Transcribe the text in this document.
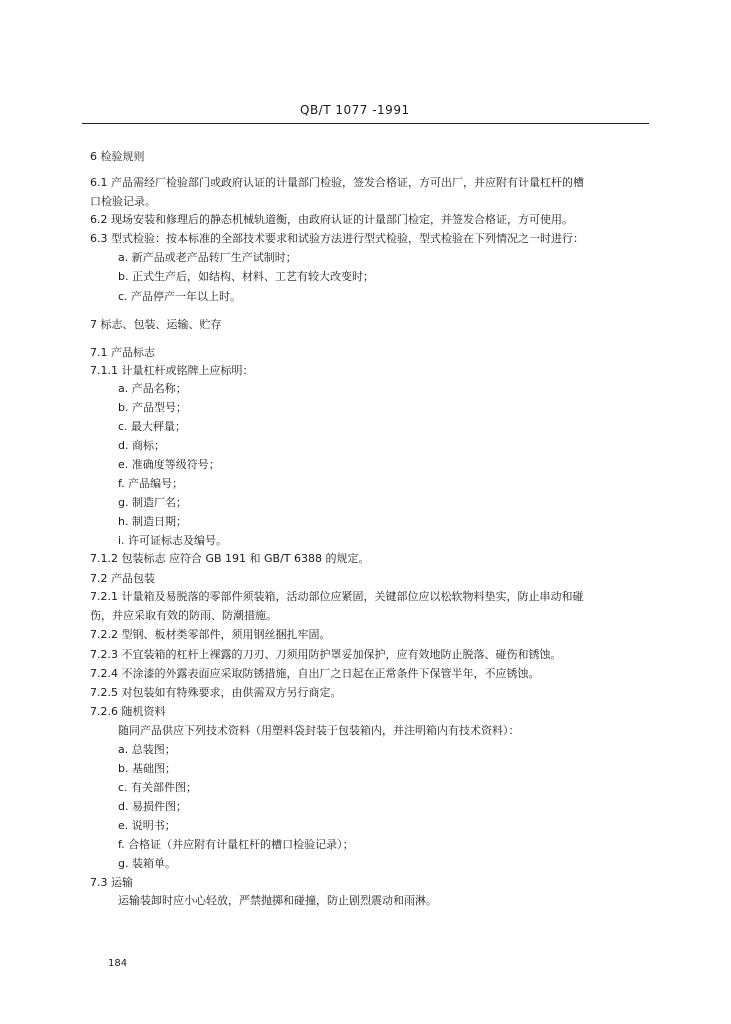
QB/T 1077 -1991
6 检验规则
6.1 产品需经厂检验部门或政府认证的计量部门检验，签发合格证，方可出厂，并应附有计量杠杆的槽
口检验记录。
6.2 现场安装和修理后的静态机械轨道衡，由政府认证的计量部门检定，并签发合格证，方可使用。
6.3 型式检验：按本标准的全部技术要求和试验方法进行型式检验，型式检验在下列情况之一时进行：
a. 新产品或老产品转厂生产试制时；
b. 正式生产后，如结构、材料、工艺有较大改变时；
c. 产品停产一年以上时。
7 标志、包装、运输、贮存
7.1 产品标志
7.1.1 计量杠杆或铭牌上应标明：
a. 产品名称；
b. 产品型号；
c. 最大秤量；
d. 商标；
e. 准确度等级符号；
f. 产品编号；
g. 制造厂名；
h. 制造日期；
i. 许可证标志及编号。
7.1.2 包装标志 应符合 GB 191 和 GB/T 6388 的规定。
7.2 产品包装
7.2.1 计量箱及易脱落的零部件须装箱，活动部位应紧固，关键部位应以松软物料垫实，防止串动和碰
伤，并应采取有效的防雨、防潮措施。
7.2.2 型钢、板材类零部件，须用钢丝捆扎牢固。
7.2.3 不宜装箱的杠杆上裸露的刀刃、刀须用防护罩妥加保护，应有效地防止脱落、碰伤和锈蚀。
7.2.4 不涂漆的外露表面应采取防锈措施，自出厂之日起在正常条件下保管半年，不应锈蚀。
7.2.5 对包装如有特殊要求，由供需双方另行商定。
7.2.6 随机资料
随同产品供应下列技术资料（用塑料袋封装于包装箱内，并注明箱内有技术资料）：
a. 总装图；
b. 基础图；
c. 有关部件图；
d. 易损件图；
e. 说明书；
f. 合格证（并应附有计量杠杆的槽口检验记录）；
g. 装箱单。
7.3 运输
运输装卸时应小心轻放，严禁抛掷和碰撞，防止剧烈震动和雨淋。
184
